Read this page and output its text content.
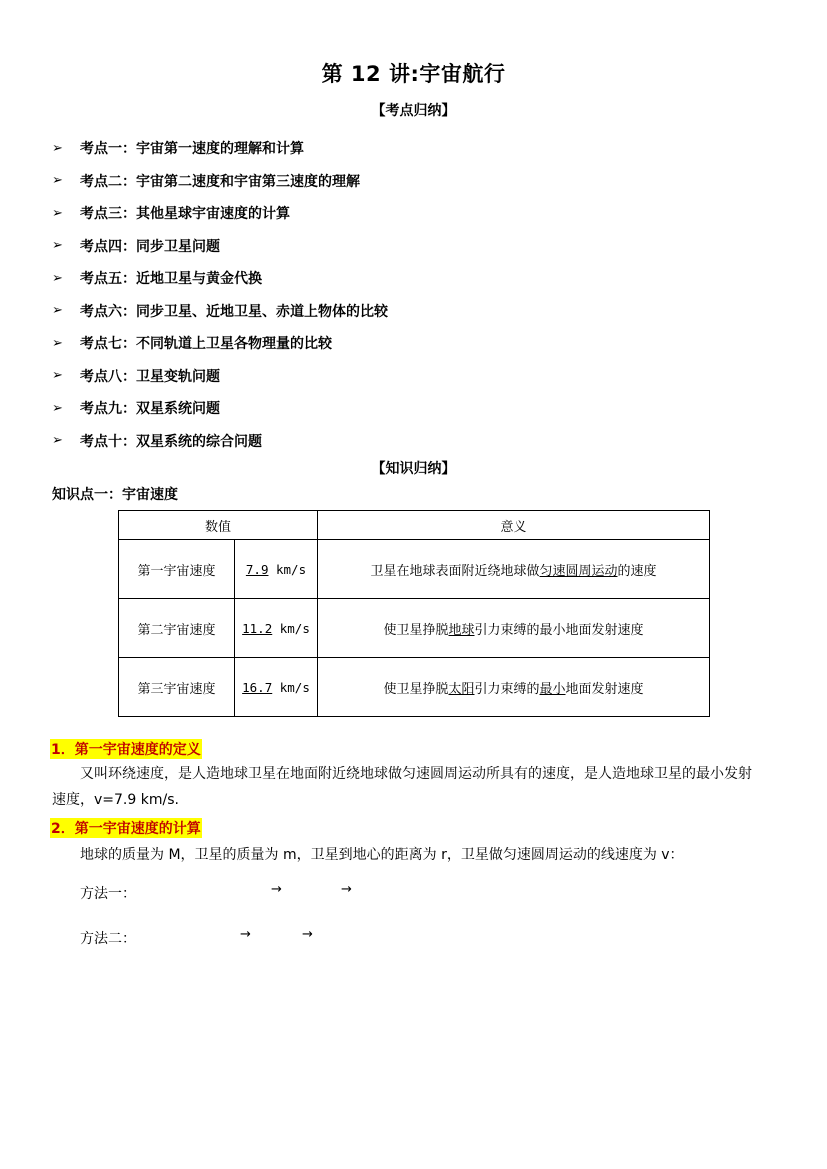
第 12 讲:宇宙航行
【考点归纳】
➢	考点一：宇宙第一速度的理解和计算
➢	考点二：宇宙第二速度和宇宙第三速度的理解
➢	考点三：其他星球宇宙速度的计算
➢	考点四：同步卫星问题
➢	考点五：近地卫星与黄金代换
➢	考点六：同步卫星、近地卫星、赤道上物体的比较
➢	考点七：不同轨道上卫星各物理量的比较
➢	考点八：卫星变轨问题
➢	考点九：双星系统问题
➢	考点十：双星系统的综合问题
【知识归纳】
知识点一：宇宙速度
数值		意义
第一宇宙速度	7.9 km/s	卫星在地球表面附近绕地球做匀速圆周运动的速度
第二宇宙速度	11.2 km/s	使卫星挣脱地球引力束缚的最小地面发射速度
第三宇宙速度	16.7 km/s	使卫星挣脱太阳引力束缚的最小地面发射速度
1．第一宇宙速度的定义
又叫环绕速度，是人造地球卫星在地面附近绕地球做匀速圆周运动所具有的速度，是人造地球卫星的最小发射
速度，v=7.9 km/s.
2．第一宇宙速度的计算
地球的质量为 M，卫星的质量为 m，卫星到地心的距离为 r，卫星做匀速圆周运动的线速度为 v：
方法一：	→	→
方法二：	→	→
